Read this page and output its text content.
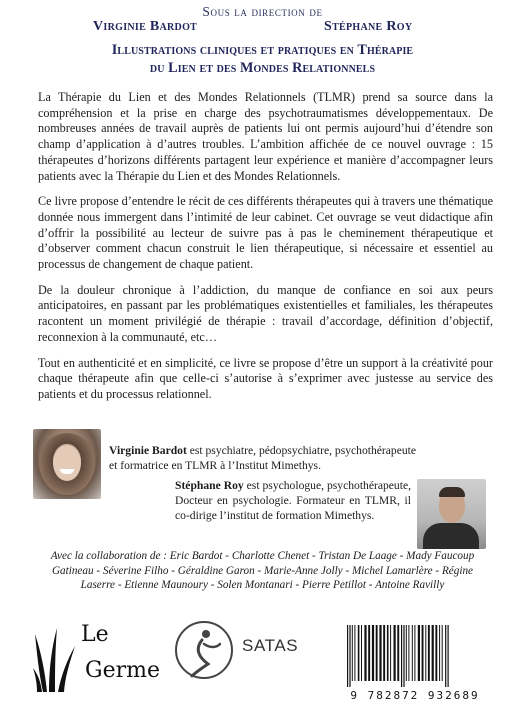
Sous la direction de
Virginie Bardot	Stéphane Roy
Illustrations cliniques et pratiques en Thérapie
du Lien et des Mondes Relationnels

La Thérapie du Lien et des Mondes Relationnels (TLMR) prend sa source dans la compréhension et la prise en charge des psychotraumatismes développementaux. De nombreuses années de travail auprès de patients lui ont permis aujourd’hui d’étendre son champ d’application à d’autres troubles. L’ambition affichée de ce nouvel ouvrage : 15 thérapeutes d’horizons différents partagent leur expérience et manière d’accompagner leurs patients avec la Thérapie du Lien et des Mondes Relationnels.

Ce livre propose d’entendre le récit de ces différents thérapeutes qui à travers une thématique donnée nous immergent dans l’intimité de leur cabinet. Cet ouvrage se veut didactique afin d’offrir la possibilité au lecteur de suivre pas à pas le cheminement thérapeutique et d’observer comment chacun construit le lien thérapeutique, si nécessaire et essentiel au processus de changement de chaque patient.

De la douleur chronique à l’addiction, du manque de confiance en soi aux peurs anticipatoires, en passant par les problématiques existentielles et familiales, les thérapeutes racontent un moment privilégié de thérapie : travail d’accordage, définition d’objectif, reconnexion à la communauté, etc…

Tout en authenticité et en simplicité, ce livre se propose d’être un support à la créativité pour chaque thérapeute afin que celle-ci s’autorise à s’exprimer avec justesse au service des patients et du processus relationnel.

Virginie Bardot est psychiatre, pédopsychiatre, psychothérapeute et formatrice en TLMR à l’Institut Mimethys.
Stéphane Roy est psychologue, psychothérapeute, Docteur en psychologie. Formateur en TLMR, il co-dirige l’institut de formation Mimethys.
Avec la collaboration de : Eric Bardot - Charlotte Chenet - Tristan De Laage - Mady Faucoup Gatineau - Séverine Filho - Géraldine Garon - Marie-Anne Jolly - Michel Lamarlère - Régine Laserre - Etienne Maunoury - Solen Montanari - Pierre Petillot - Antoine Ravilly
Le
Germe
SATAS
9 782872 932689
